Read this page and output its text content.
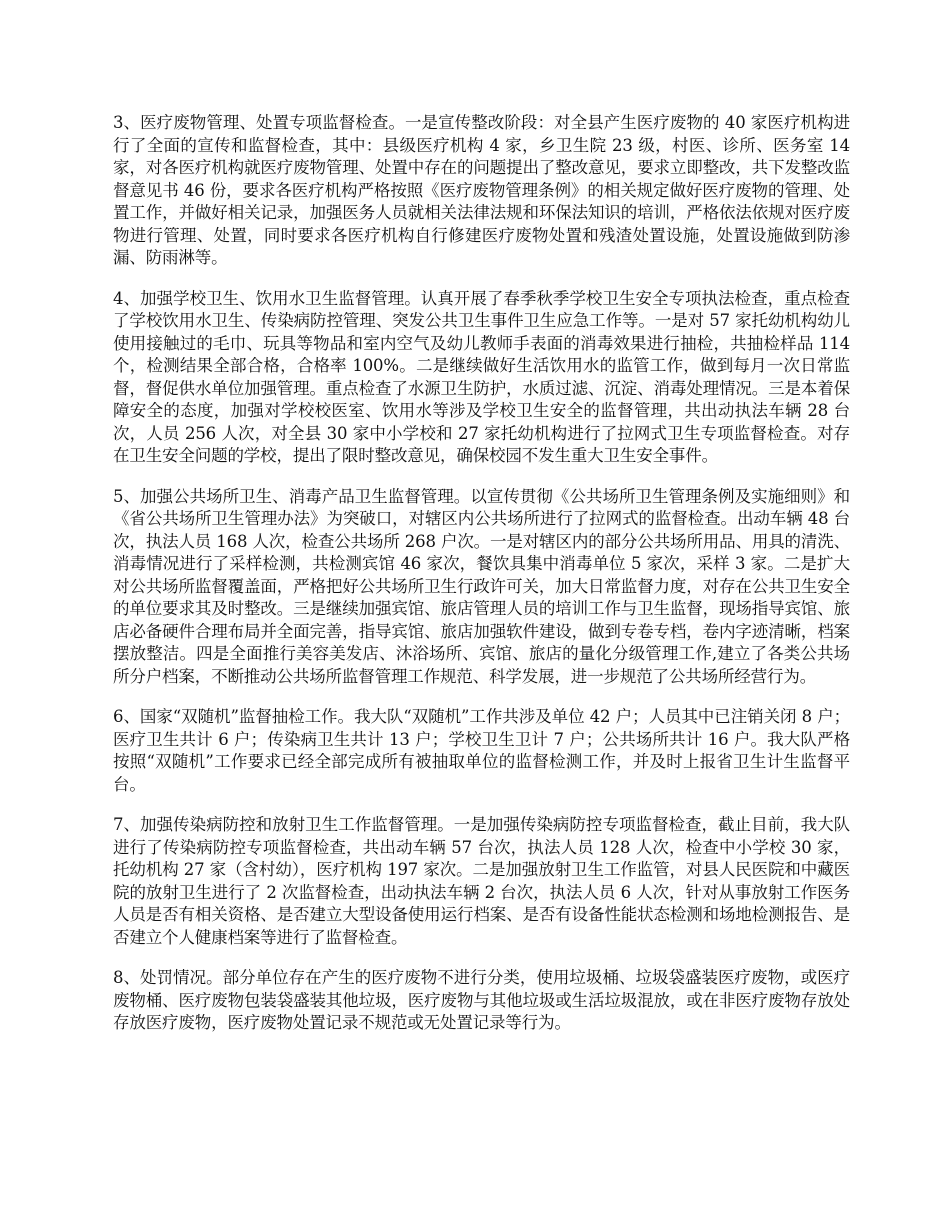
3、医疗废物管理、处置专项监督检查。一是宣传整改阶段：对全县产生医疗废物的 40 家医疗机构进行了全面的宣传和监督检查，其中：县级医疗机构 4 家，乡卫生院 23 级，村医、诊所、医务室 14 家，对各医疗机构就医疗废物管理、处置中存在的问题提出了整改意见，要求立即整改，共下发整改监督意见书 46 份，要求各医疗机构严格按照《医疗废物管理条例》的相关规定做好医疗废物的管理、处置工作，并做好相关记录，加强医务人员就相关法律法规和环保法知识的培训，严格依法依规对医疗废物进行管理、处置，同时要求各医疗机构自行修建医疗废物处置和残渣处置设施，处置设施做到防渗漏、防雨淋等。

4、加强学校卫生、饮用水卫生监督管理。认真开展了春季秋季学校卫生安全专项执法检查，重点检查了学校饮用水卫生、传染病防控管理、突发公共卫生事件卫生应急工作等。一是对 57 家托幼机构幼儿使用接触过的毛巾、玩具等物品和室内空气及幼儿教师手表面的消毒效果进行抽检，共抽检样品 114 个，检测结果全部合格，合格率 100%。二是继续做好生活饮用水的监管工作，做到每月一次日常监督，督促供水单位加强管理。重点检查了水源卫生防护，水质过滤、沉淀、消毒处理情况。三是本着保障安全的态度，加强对学校校医室、饮用水等涉及学校卫生安全的监督管理，共出动执法车辆 28 台次，人员 256 人次，对全县 30 家中小学校和 27 家托幼机构进行了拉网式卫生专项监督检查。对存在卫生安全问题的学校，提出了限时整改意见，确保校园不发生重大卫生安全事件。

5、加强公共场所卫生、消毒产品卫生监督管理。以宣传贯彻《公共场所卫生管理条例及实施细则》和《省公共场所卫生管理办法》为突破口，对辖区内公共场所进行了拉网式的监督检查。出动车辆 48 台次，执法人员 168 人次，检查公共场所 268 户次。一是对辖区内的部分公共场所用品、用具的清洗、消毒情况进行了采样检测，共检测宾馆 46 家次，餐饮具集中消毒单位 5 家次，采样 3 家。二是扩大对公共场所监督覆盖面，严格把好公共场所卫生行政许可关，加大日常监督力度，对存在公共卫生安全的单位要求其及时整改。三是继续加强宾馆、旅店管理人员的培训工作与卫生监督，现场指导宾馆、旅店必备硬件合理布局并全面完善，指导宾馆、旅店加强软件建设，做到专卷专档，卷内字迹清晰，档案摆放整洁。四是全面推行美容美发店、沐浴场所、宾馆、旅店的量化分级管理工作,建立了各类公共场所分户档案，不断推动公共场所监督管理工作规范、科学发展，进一步规范了公共场所经营行为。

6、国家“双随机”监督抽检工作。我大队“双随机”工作共涉及单位 42 户；人员其中已注销关闭 8 户；医疗卫生共计 6 户；传染病卫生共计 13 户；学校卫生卫计 7 户；公共场所共计 16 户。我大队严格按照“双随机”工作要求已经全部完成所有被抽取单位的监督检测工作，并及时上报省卫生计生监督平台。

7、加强传染病防控和放射卫生工作监督管理。一是加强传染病防控专项监督检查，截止目前，我大队进行了传染病防控专项监督检查，共出动车辆 57 台次，执法人员 128 人次，检查中小学校 30 家，托幼机构 27 家（含村幼），医疗机构 197 家次。二是加强放射卫生工作监管，对县人民医院和中藏医院的放射卫生进行了 2 次监督检查，出动执法车辆 2 台次，执法人员 6 人次，针对从事放射工作医务人员是否有相关资格、是否建立大型设备使用运行档案、是否有设备性能状态检测和场地检测报告、是否建立个人健康档案等进行了监督检查。

8、处罚情况。部分单位存在产生的医疗废物不进行分类，使用垃圾桶、垃圾袋盛装医疗废物，或医疗废物桶、医疗废物包装袋盛装其他垃圾，医疗废物与其他垃圾或生活垃圾混放，或在非医疗废物存放处存放医疗废物，医疗废物处置记录不规范或无处置记录等行为。
